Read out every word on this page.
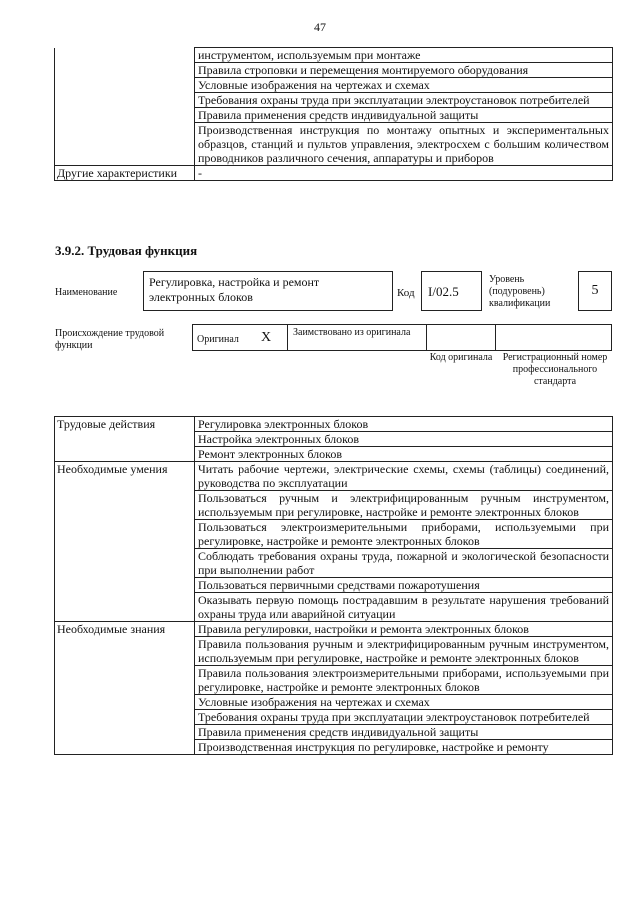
47
	инструментом, используемым при монтаже
	Правила строповки и перемещения монтируемого оборудования
	Условные изображения на чертежах и схемах
	Требования охраны труда при эксплуатации электроустановок потребителей
	Правила применения средств индивидуальной защиты
	Производственная инструкция по монтажу опытных и экспериментальных образцов, станций и пультов управления, электросхем с большим количеством проводников различного сечения, аппаратуры и приборов
Другие характеристики	-
3.9.2. Трудовая функция
Наименование
Регулировка, настройка и ремонт электронных блоков	Код I/02.5
Уровень (подуровень) квалификации
5
Происхождение трудовой функции
Оригинал X Заимствовано из оригинала
Код оригинала	Регистрационный номер профессионального стандарта
Трудовые действия	Регулировка электронных блоков
	Настройка электронных блоков
	Ремонт электронных блоков
Необходимые умения	Читать рабочие чертежи, электрические схемы, схемы (таблицы) соединений, руководства по эксплуатации
	Пользоваться ручным и электрифицированным ручным инструментом, используемым при регулировке, настройке и ремонте электронных блоков
	Пользоваться электроизмерительными приборами, используемыми при регулировке, настройке и ремонте электронных блоков
	Соблюдать требования охраны труда, пожарной и экологической безопасности при выполнении работ
	Пользоваться первичными средствами пожаротушения
	Оказывать первую помощь пострадавшим в результате нарушения требований охраны труда или аварийной ситуации
Необходимые знания	Правила регулировки, настройки и ремонта электронных блоков
	Правила пользования ручным и электрифицированным ручным инструментом, используемым при регулировке, настройке и ремонте электронных блоков
	Правила пользования электроизмерительными приборами, используемыми при регулировке, настройке и ремонте электронных блоков
	Условные изображения на чертежах и схемах
	Требования охраны труда при эксплуатации электроустановок потребителей
	Правила применения средств индивидуальной защиты
	Производственная инструкция по регулировке, настройке и ремонту
